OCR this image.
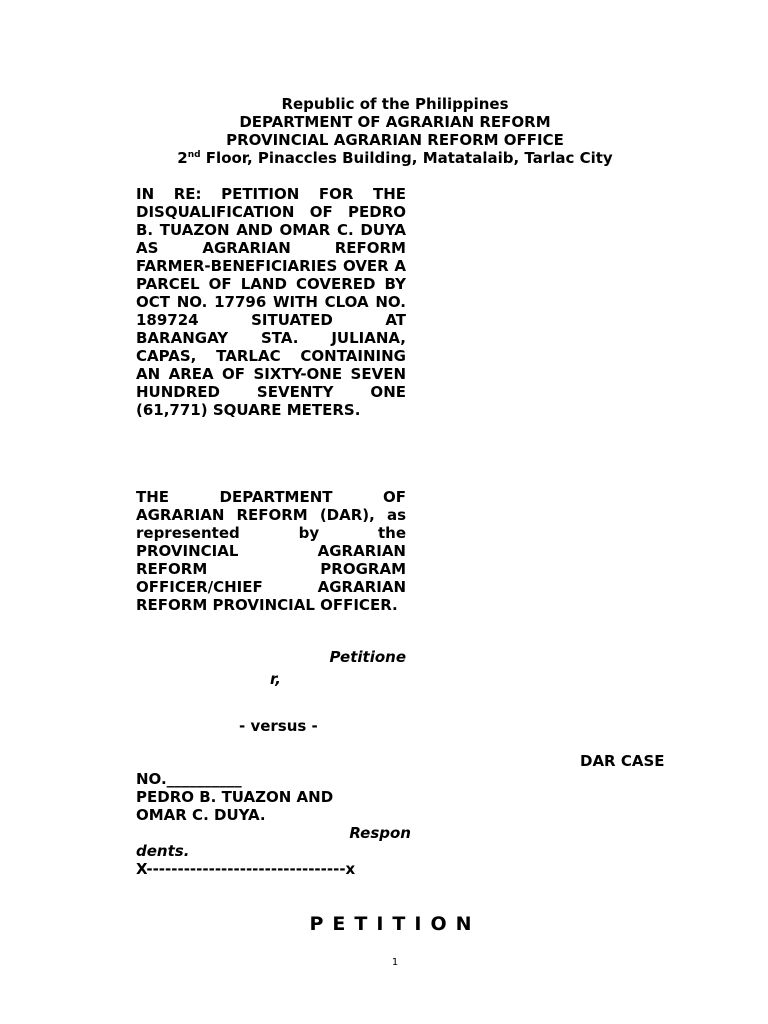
Republic of the Philippines
DEPARTMENT OF AGRARIAN REFORM
PROVINCIAL AGRARIAN REFORM OFFICE
2nd Floor, Pinaccles Building, Matatalaib, Tarlac City
IN RE: PETITION FOR THE DISQUALIFICATION OF PEDRO B. TUAZON AND OMAR C. DUYA AS AGRARIAN REFORM FARMER-BENEFICIARIES OVER A PARCEL OF LAND COVERED BY OCT NO. 17796 WITH CLOA NO. 189724 SITUATED AT BARANGAY STA. JULIANA, CAPAS, TARLAC CONTAINING AN AREA OF SIXTY-ONE SEVEN HUNDRED SEVENTY ONE (61,771) SQUARE METERS.
THE DEPARTMENT OF AGRARIAN REFORM (DAR), as represented by the PROVINCIAL AGRARIAN REFORM PROGRAM OFFICER/CHIEF AGRARIAN REFORM PROVINCIAL OFFICER.
Petitione
r,
- versus -
DAR CASE
NO.__________
PEDRO B. TUAZON AND OMAR C. DUYA.
Respon
dents.
X--------------------------------x
PETITION
1
